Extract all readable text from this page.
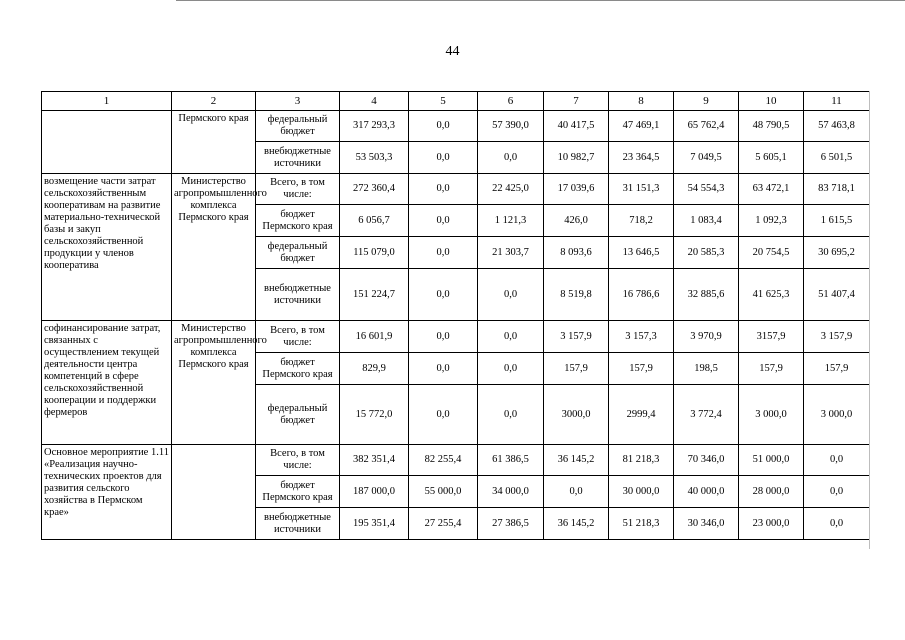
44
1	2	3	4	5	6	7	8	9	10	11
	Пермского края	федеральный бюджет	317 293,3	0,0	57 390,0	40 417,5	47 469,1	65 762,4	48 790,5	57 463,8
		внебюджетные источники	53 503,3	0,0	0,0	10 982,7	23 364,5	7 049,5	5 605,1	6 501,5
возмещение части затрат сельскохозяйственным кооперативам на развитие материально-технической базы и закуп сельскохозяйственной продукции у членов кооператива	Министерство агропромышленного комплекса Пермского края	Всего, в том числе:	272 360,4	0,0	22 425,0	17 039,6	31 151,3	54 554,3	63 472,1	83 718,1
		бюджет Пермского края	6 056,7	0,0	1 121,3	426,0	718,2	1 083,4	1 092,3	1 615,5
		федеральный бюджет	115 079,0	0,0	21 303,7	8 093,6	13 646,5	20 585,3	20 754,5	30 695,2
		внебюджетные источники	151 224,7	0,0	0,0	8 519,8	16 786,6	32 885,6	41 625,3	51 407,4
софинансирование затрат, связанных с осуществлением текущей деятельности центра компетенций в сфере сельскохозяйственной кооперации и поддержки фермеров	Министерство агропромышленного комплекса Пермского края	Всего, в том числе:	16 601,9	0,0	0,0	3 157,9	3 157,3	3 970,9	3157,9	3 157,9
		бюджет Пермского края	829,9	0,0	0,0	157,9	157,9	198,5	157,9	157,9
		федеральный бюджет	15 772,0	0,0	0,0	3000,0	2999,4	3 772,4	3 000,0	3 000,0
Основное мероприятие 1.11 «Реализация научно-технических проектов для развития сельского хозяйства в Пермском крае»		Всего, в том числе:	382 351,4	82 255,4	61 386,5	36 145,2	81 218,3	70 346,0	51 000,0	0,0
		бюджет Пермского края	187 000,0	55 000,0	34 000,0	0,0	30 000,0	40 000,0	28 000,0	0,0
		внебюджетные источники	195 351,4	27 255,4	27 386,5	36 145,2	51 218,3	30 346,0	23 000,0	0,0
